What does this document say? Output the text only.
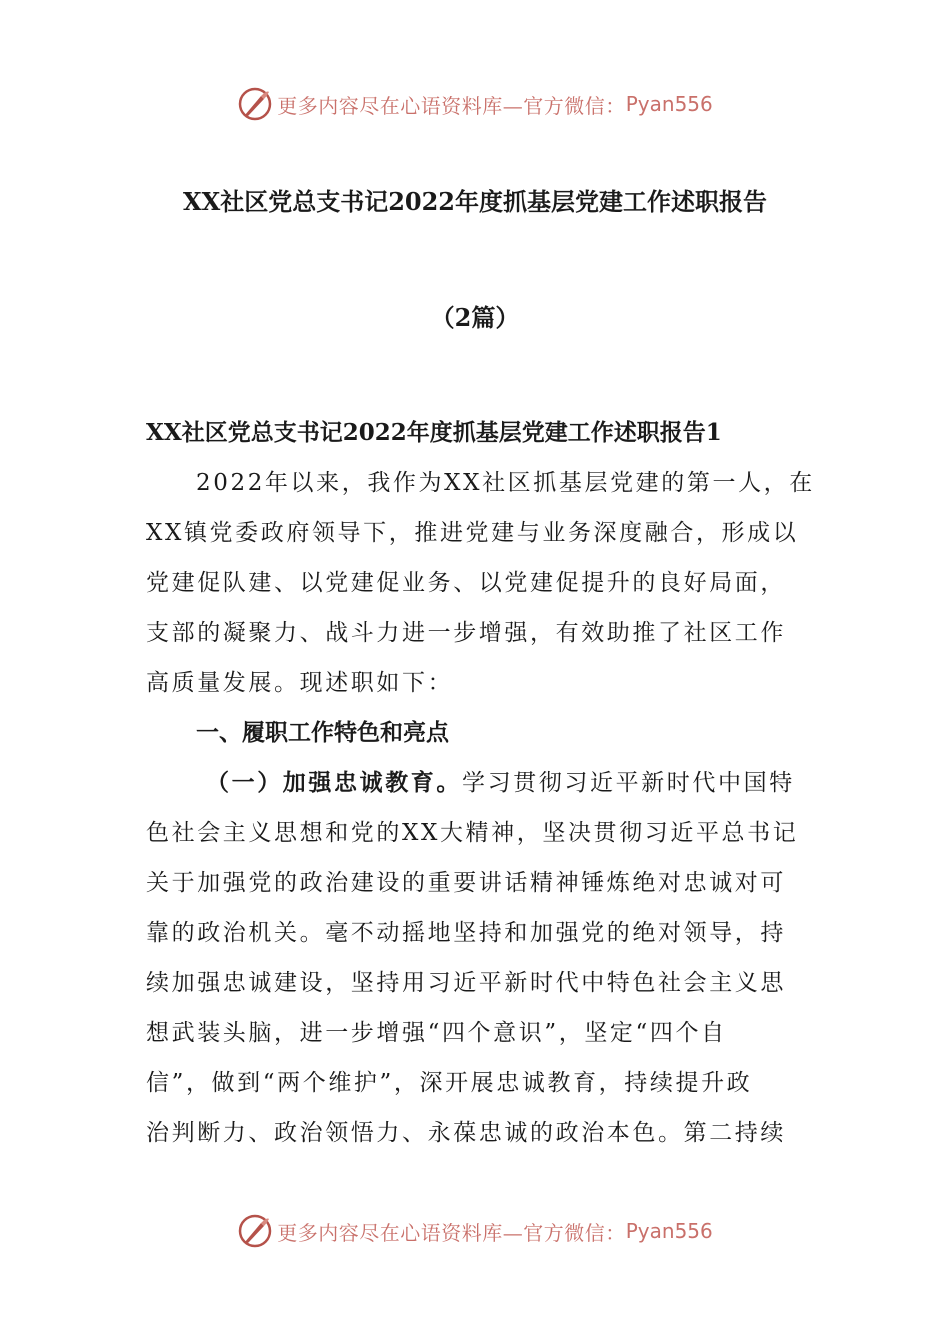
更多内容尽在心语资料库—官方微信： Pyan556
XX社区党总支书记2022年度抓基层党建工作述职报告
（2篇）
XX社区党总支书记2022年度抓基层党建工作述职报告1
2022年以来，我作为XX社区抓基层党建的第一人，在
XX镇党委政府领导下，推进党建与业务深度融合，形成以
党建促队建、以党建促业务、以党建促提升的良好局面，
支部的凝聚力、战斗力进一步增强，有效助推了社区工作
高质量发展。现述职如下：
一、履职工作特色和亮点
（一）加强忠诚教育。学习贯彻习近平新时代中国特
色社会主义思想和党的XX大精神，坚决贯彻习近平总书记
关于加强党的政治建设的重要讲话精神锤炼绝对忠诚对可
靠的政治机关。毫不动摇地坚持和加强党的绝对领导，持
续加强忠诚建设，坚持用习近平新时代中特色社会主义思
想武装头脑，进一步增强“四个意识”，坚定“四个自
信”，做到“两个维护”，深开展忠诚教育，持续提升政
治判断力、政治领悟力、永葆忠诚的政治本色。第二持续
更多内容尽在心语资料库—官方微信： Pyan556
